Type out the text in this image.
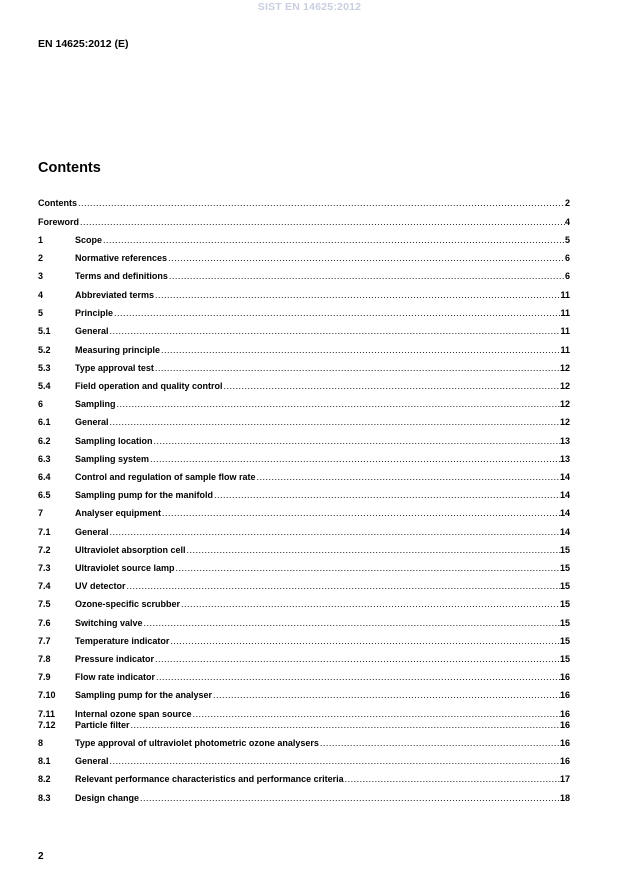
SIST EN 14625:2012
EN 14625:2012 (E)
Contents
Contents .....	2
Foreword .....	4
1	Scope .....	5
2	Normative references .....	6
3	Terms and definitions .....	6
4	Abbreviated terms .....	11
5	Principle .....	11
5.1	General .....	11
5.2	Measuring principle .....	11
5.3	Type approval test .....	12
5.4	Field operation and quality control .....	12
6	Sampling .....	12
6.1	General .....	12
6.2	Sampling location .....	13
6.3	Sampling system .....	13
6.4	Control and regulation of sample flow rate .....	14
6.5	Sampling pump for the manifold .....	14
7	Analyser equipment .....	14
7.1	General .....	14
7.2	Ultraviolet absorption cell .....	15
7.3	Ultraviolet source lamp .....	15
7.4	UV detector .....	15
7.5	Ozone-specific scrubber .....	15
7.6	Switching valve .....	15
7.7	Temperature indicator .....	15
7.8	Pressure indicator .....	15
7.9	Flow rate indicator .....	16
7.10	Sampling pump for the analyser .....	16
7.11	Internal ozone span source .....	16
7.12	Particle filter .....	16
8	Type approval of ultraviolet photometric ozone analysers .....	16
8.1	General .....	16
8.2	Relevant performance characteristics and performance criteria .....	17
8.3	Design change .....	18
2
